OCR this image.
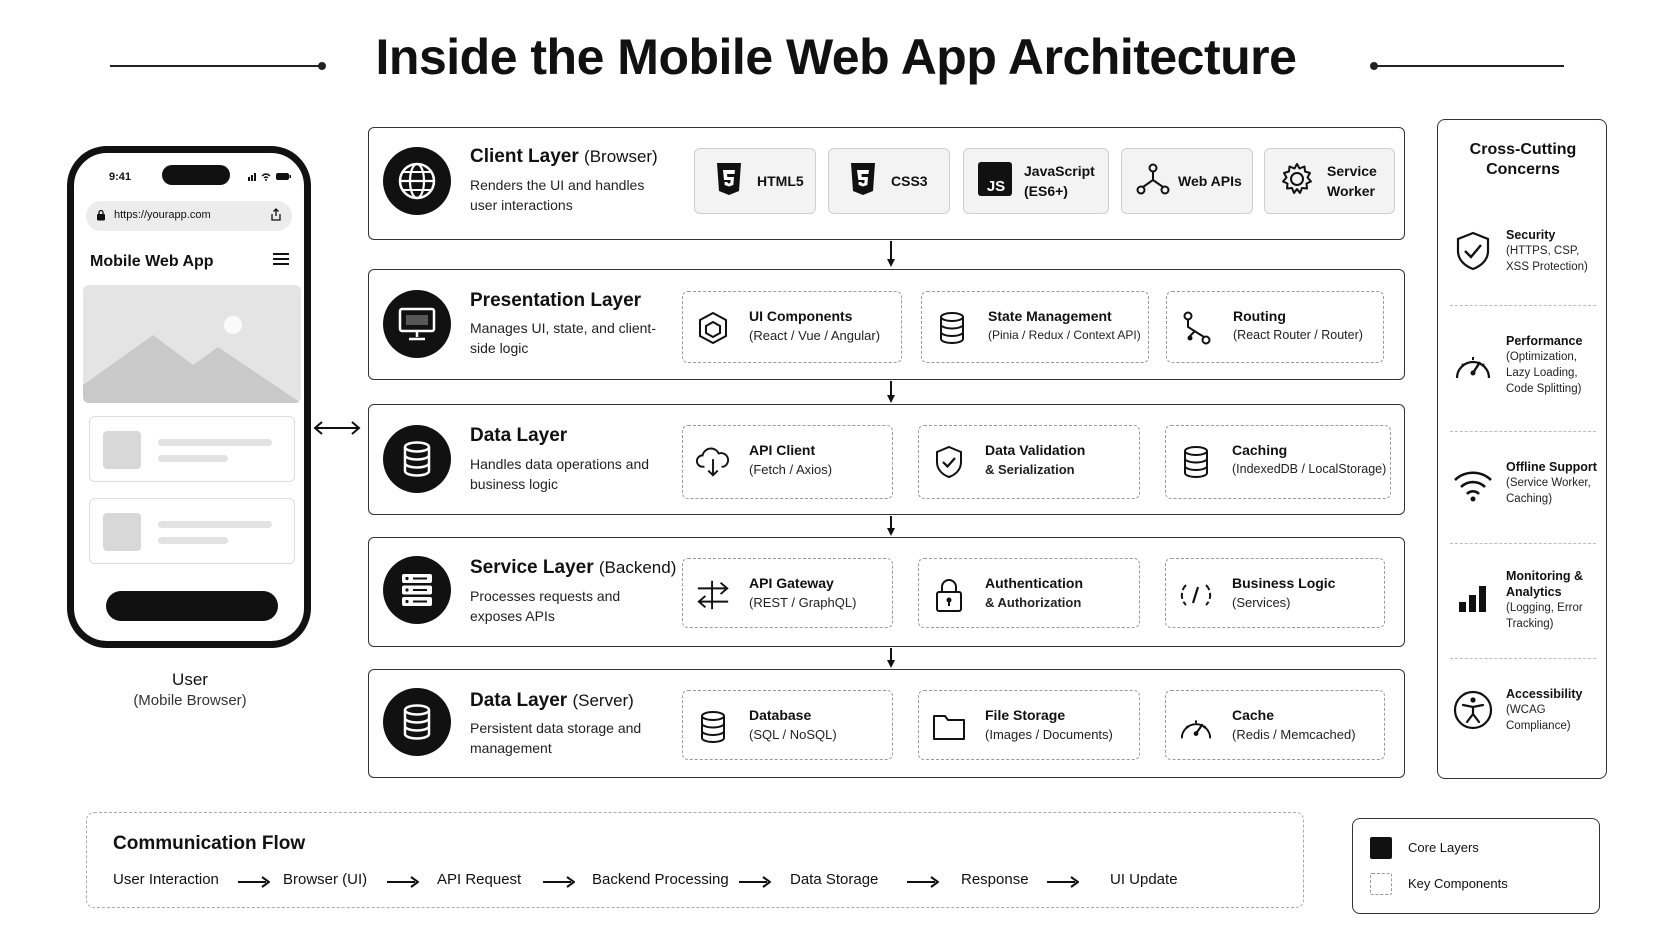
Inside the Mobile Web App Architecture
9:41
https://yourapp.com
Mobile Web App
User
(Mobile Browser)
Client Layer (Browser)
Renders the UI and handles user interactions
HTML5	CSS3	JS
JavaScript (ES6+)
Web APIs
Service Worker
Presentation Layer
Manages UI, state, and client-side logic
UI Components
(React / Vue / Angular)
State Management
(Pinia / Redux / Context API)
Routing
(React Router / Router)
Data Layer
Handles data operations and business logic
API Client
(Fetch / Axios)
Data Validation
& Serialization
Caching
(IndexedDB / LocalStorage)
Service Layer (Backend)
Processes requests and exposes APIs
API Gateway
(REST / GraphQL)
Authentication
& Authorization
Business Logic
(Services)
Data Layer (Server)
Persistent data storage and management
Database
(SQL / NoSQL)
File Storage
(Images / Documents)
Cache
(Redis / Memcached)
Cross-Cutting Concerns
Security
(HTTPS, CSP, XSS Protection)
Performance
(Optimization, Lazy Loading, Code Splitting)
Offline Support
(Service Worker, Caching)
Monitoring & Analytics
(Logging, Error Tracking)
Accessibility
(WCAG Compliance)
Communication Flow
User Interaction	Browser (UI)	API Request	Backend Processing	Data Storage	Response	UI Update
Core Layers
Key Components
